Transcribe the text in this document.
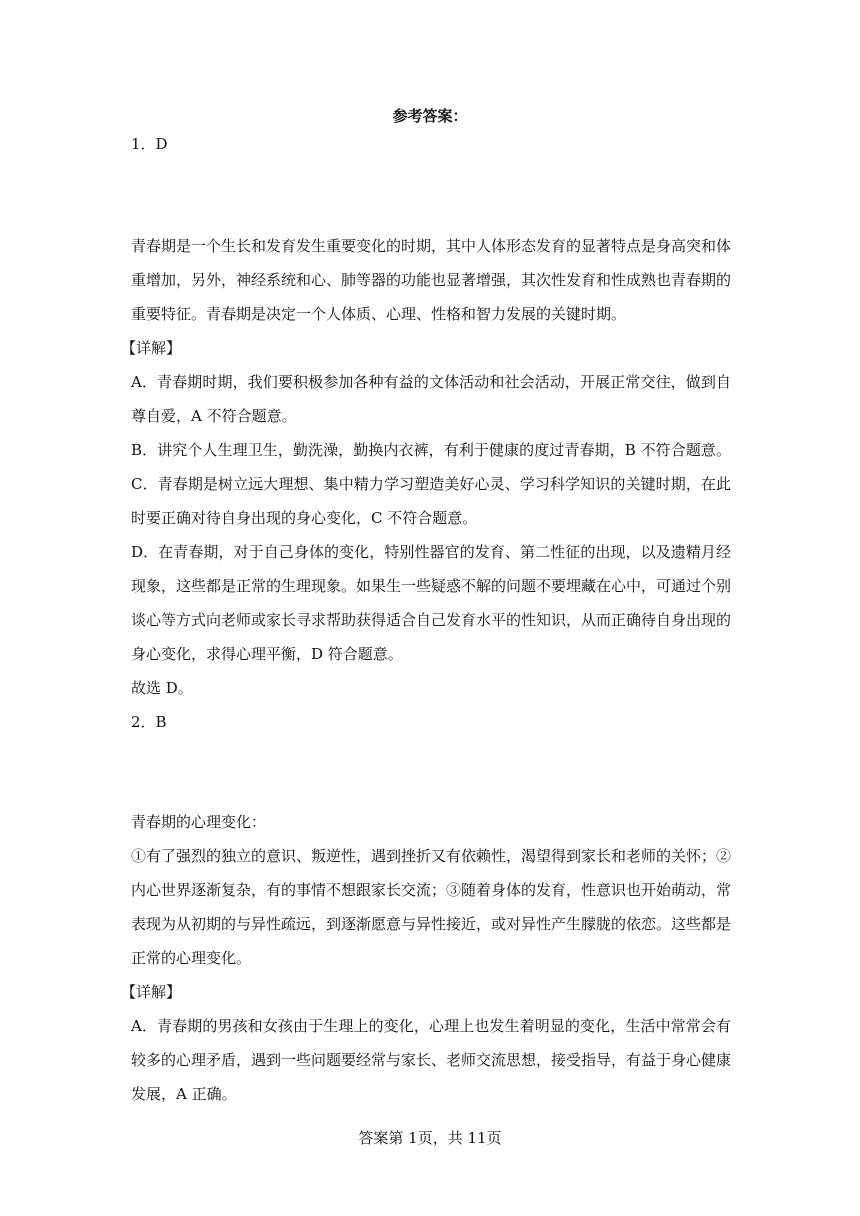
参考答案：
1．D
青春期是一个生长和发育发生重要变化的时期，其中人体形态发育的显著特点是身高突和体
重增加，另外，神经系统和心、肺等器的功能也显著增强，其次性发育和性成熟也青春期的
重要特征。青春期是决定一个人体质、心理、性格和智力发展的关键时期。
【详解】
A．青春期时期，我们要积极参加各种有益的文体活动和社会活动，开展正常交往，做到自
尊自爱，A 不符合题意。
B．讲究个人生理卫生，勤洗澡，勤换内衣裤，有利于健康的度过青春期，B 不符合题意。
C．青春期是树立远大理想、集中精力学习塑造美好心灵、学习科学知识的关键时期，在此
时要正确对待自身出现的身心变化，C 不符合题意。
D．在青春期，对于自己身体的变化，特别性器官的发育、第二性征的出现，以及遗精月经
现象，这些都是正常的生理现象。如果生一些疑惑不解的问题不要埋藏在心中，可通过个别
谈心等方式向老师或家长寻求帮助获得适合自己发育水平的性知识，从而正确待自身出现的
身心变化，求得心理平衡，D 符合题意。
故选 D。
2．B
青春期的心理变化：
①有了强烈的独立的意识、叛逆性，遇到挫折又有依赖性，渴望得到家长和老师的关怀；②
内心世界逐渐复杂，有的事情不想跟家长交流；③随着身体的发育，性意识也开始萌动，常
表现为从初期的与异性疏远，到逐渐愿意与异性接近，或对异性产生朦胧的依恋。这些都是
正常的心理变化。
【详解】
A．青春期的男孩和女孩由于生理上的变化，心理上也发生着明显的变化，生活中常常会有
较多的心理矛盾，遇到一些问题要经常与家长、老师交流思想，接受指导，有益于身心健康
发展，A 正确。
答案第 1页，共 11页
